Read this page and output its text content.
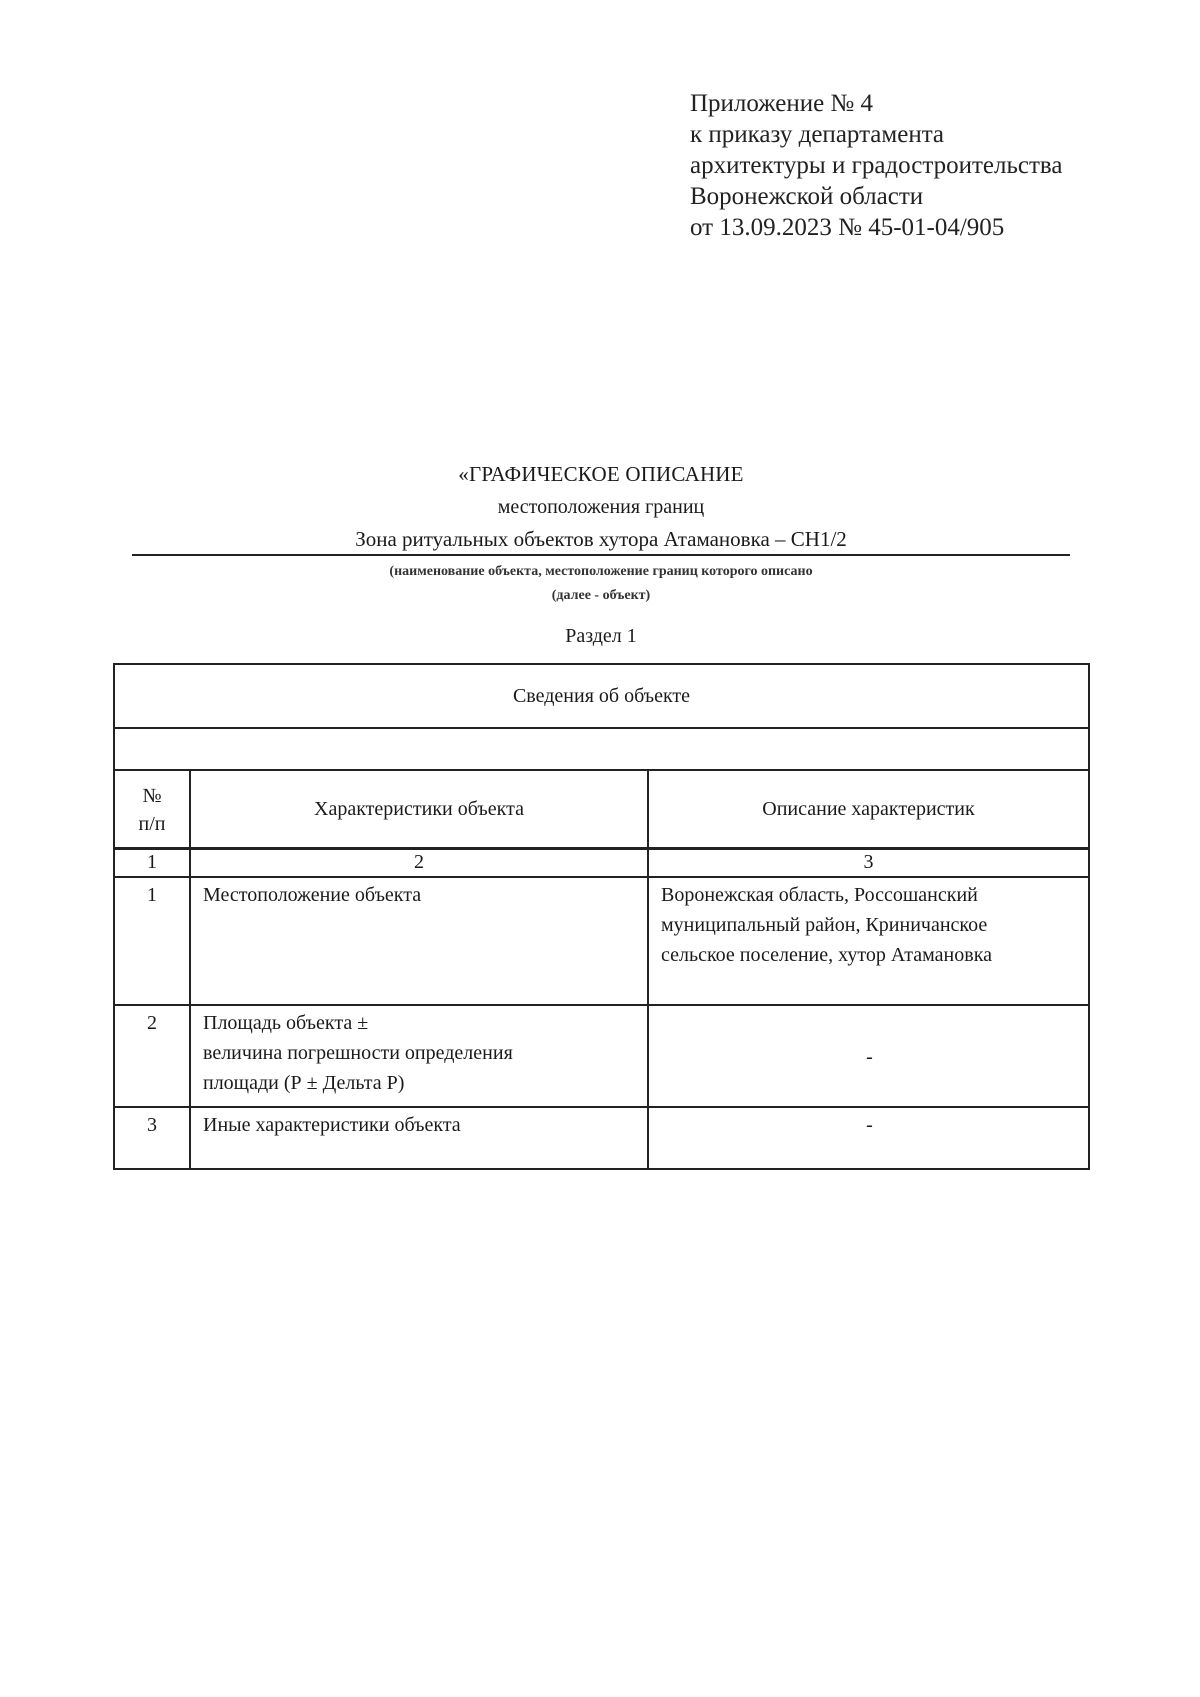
Приложение № 4
к приказу департамента
архитектуры и градостроительства
Воронежской области
от 13.09.2023 № 45-01-04/905
«ГРАФИЧЕСКОЕ ОПИСАНИЕ
местоположения границ
Зона ритуальных объектов хутора Атамановка – СН1/2
(наименование объекта, местоположение границ которого описано
(далее - объект)
Раздел 1
Сведения об объекте		

№
п/п	Характеристики объекта	Описание характеристик
1	2	3
1	Местоположение объекта	Воронежская область, Россошанский
муниципальный район, Криничанское
сельское поселение, хутор Атамановка

2	Площадь объекта ±
величина погрешности определения
площади (Р ± Дельта Р)	-

3	Иные характеристики объекта	-
